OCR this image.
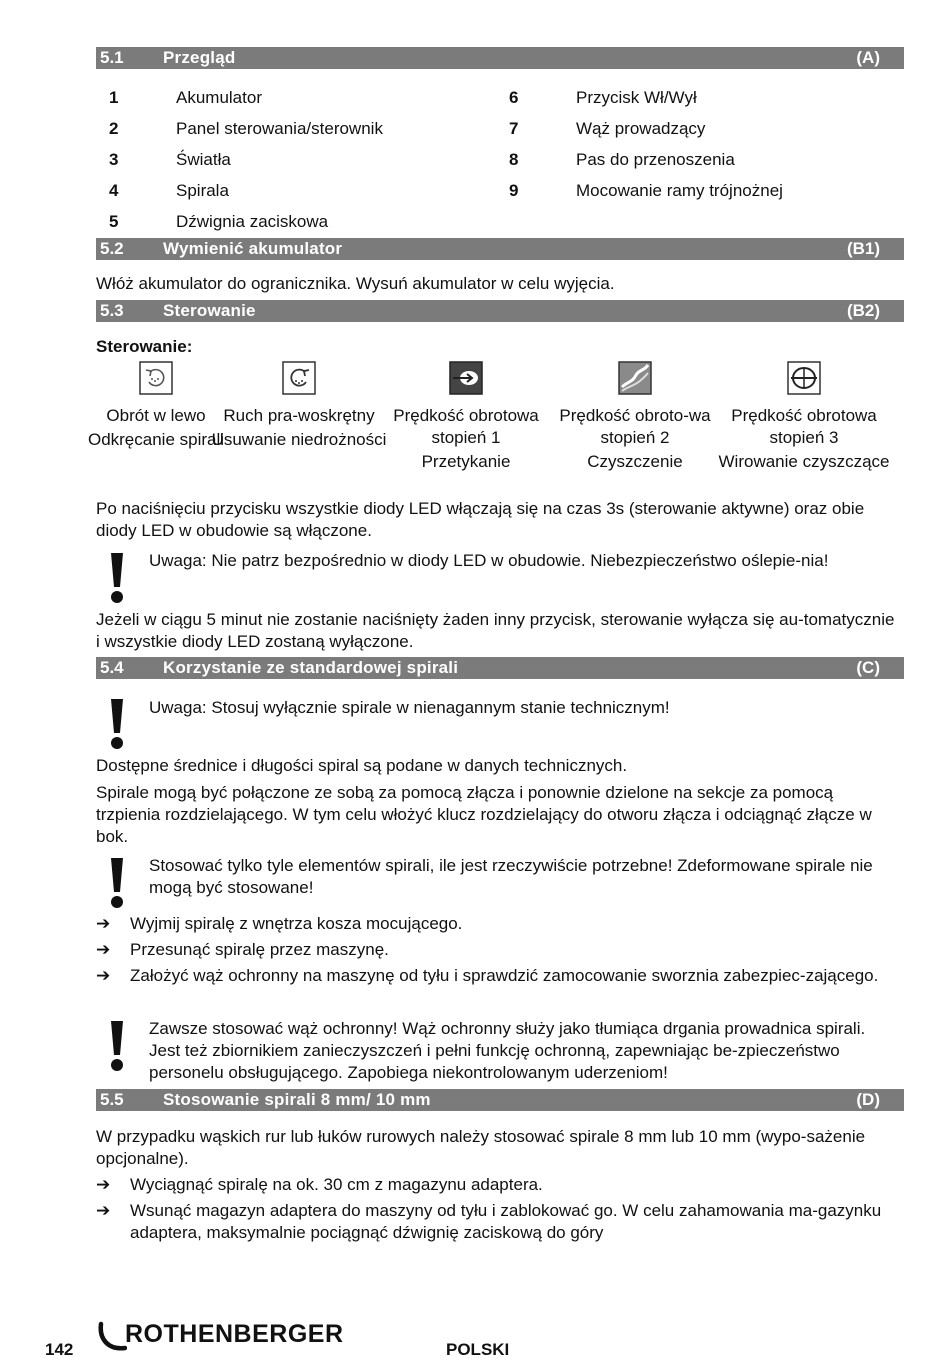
5.1 Przegląd	(A)
1	Akumulator
2	Panel sterowania/sterownik
3	Światła
4	Spirala
5	Dźwignia zaciskowa
6	Przycisk Wł/Wył
7	Wąż prowadzący
8	Pas do przenoszenia
9	Mocowanie ramy trójnożnej
5.2 Wymienić akumulator	(B1)
Włóż akumulator do ogranicznika. Wysuń akumulator w celu wyjęcia.
5.3 Sterowanie	(B2)
Sterowanie:
Obrót w lewo
Odkręcanie spirali
Ruch pra-woskrętny
Usuwanie niedrożności
Prędkość obrotowa stopień 1
Przetykanie
Prędkość obroto-wa stopień 2
Czyszczenie
Prędkość obrotowa stopień 3
Wirowanie czyszczące
Po naciśnięciu przycisku wszystkie diody LED włączają się na czas 3s (sterowanie aktywne) oraz obie diody LED w obudowie są włączone.
Uwaga: Nie patrz bezpośrednio w diody LED w obudowie. Niebezpieczeństwo oślepie-nia!
Jeżeli w ciągu 5 minut nie zostanie naciśnięty żaden inny przycisk, sterowanie wyłącza się au-tomatycznie i wszystkie diody LED zostaną wyłączone.
5.4 Korzystanie ze standardowej spirali	(C)
Uwaga: Stosuj wyłącznie spirale w nienagannym stanie technicznym!
Dostępne średnice i długości spiral są podane w danych technicznych.
Spirale mogą być połączone ze sobą za pomocą złącza i ponownie dzielone na sekcje za pomocą trzpienia rozdzielającego. W tym celu włożyć klucz rozdzielający do otworu złącza i odciągnąć złącze w bok.
Stosować tylko tyle elementów spirali, ile jest rzeczywiście potrzebne! Zdeformowane spirale nie mogą być stosowane!
➔	Wyjmij spiralę z wnętrza kosza mocującego.
➔	Przesunąć spiralę przez maszynę.
➔	Założyć wąż ochronny na maszynę od tyłu i sprawdzić zamocowanie sworznia zabezpiec-zającego.
Zawsze stosować wąż ochronny! Wąż ochronny służy jako tłumiąca drgania prowadnica spirali. Jest też zbiornikiem zanieczyszczeń i pełni funkcję ochronną, zapewniając be-zpieczeństwo personelu obsługującego. Zapobiega niekontrolowanym uderzeniom!
5.5 Stosowanie spirali 8 mm/ 10 mm	(D)
W przypadku wąskich rur lub łuków rurowych należy stosować spirale 8 mm lub 10 mm (wypo-sażenie opcjonalne).
➔	Wyciągnąć spiralę na ok. 30 cm z magazynu adaptera.
➔	Wsunąć magazyn adaptera do maszyny od tyłu i zablokować go. W celu zahamowania ma-gazynku adaptera, maksymalnie pociągnąć dźwignię zaciskową do góry
142
ROTHENBERGER
POLSKI
